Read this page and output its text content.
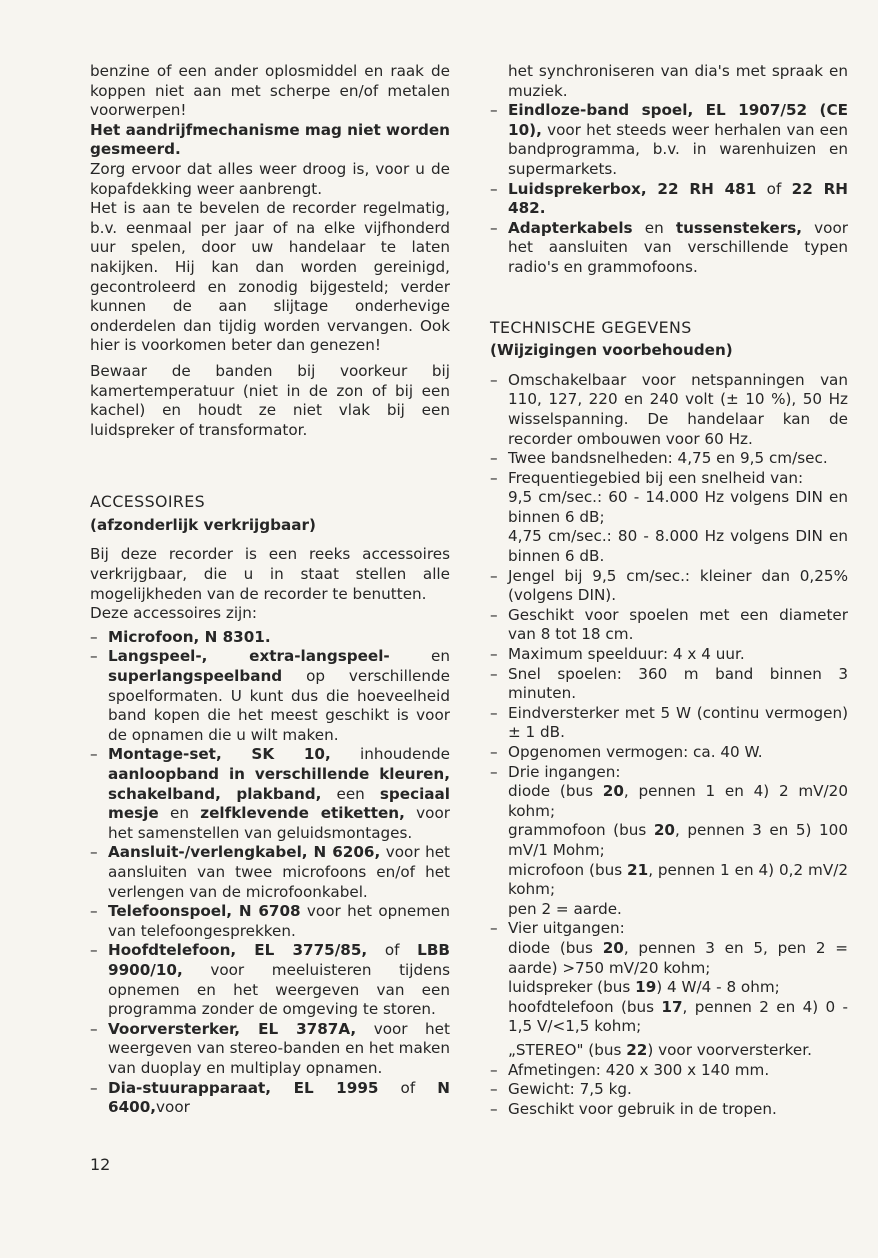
benzine of een ander oplosmiddel en raak de koppen niet aan met scherpe en/of metalen voorwerpen!

Het aandrijfmechanisme mag niet worden gesmeerd.

Zorg ervoor dat alles weer droog is, voor u de kopafdekking weer aanbrengt.

Het is aan te bevelen de recorder regelmatig, b.v. eenmaal per jaar of na elke vijfhonderd uur spelen, door uw handelaar te laten nakijken. Hij kan dan worden gereinigd, gecontroleerd en zonodig bijgesteld; verder kunnen de aan slijtage onderhevige onderdelen dan tijdig worden vervangen. Ook hier is voorkomen beter dan genezen!

Bewaar de banden bij voorkeur bij kamertemperatuur (niet in de zon of bij een kachel) en houdt ze niet vlak bij een luidspreker of transformator.

ACCESSOIRES
(afzonderlijk verkrijgbaar)

Bij deze recorder is een reeks accessoires verkrijgbaar, die u in staat stellen alle mogelijkheden van de recorder te benutten.

Deze accessoires zijn:

– Microfoon, N 8301.
– Langspeel-, extra-langspeel- en superlangspeelband op verschillende spoelformaten. U kunt dus die hoeveelheid band kopen die het meest geschikt is voor de opnamen die u wilt maken.
– Montage-set, SK 10, inhoudende aanloopband in verschillende kleuren, schakelband, plakband, een speciaal mesje en zelfklevende etiketten, voor het samenstellen van geluidsmontages.
– Aansluit-/verlengkabel, N 6206, voor het aansluiten van twee microfoons en/of het verlengen van de microfoonkabel.
– Telefoonspoel, N 6708 voor het opnemen van telefoongesprekken.
– Hoofdtelefoon, EL 3775/85, of LBB 9900/10, voor meeluisteren tijdens opnemen en het weergeven van een programma zonder de omgeving te storen.
– Voorversterker, EL 3787A, voor het weergeven van stereo-banden en het maken van duoplay en multiplay opnamen.
– Dia-stuurapparaat, EL 1995 of N 6400,voor

het synchroniseren van dia's met spraak en muziek.

– Eindloze-band spoel, EL 1907/52 (CE 10), voor het steeds weer herhalen van een bandprogramma, b.v. in warenhuizen en supermarkets.
– Luidsprekerbox, 22 RH 481 of 22 RH 482.
– Adapterkabels en tussenstekers, voor het aansluiten van verschillende typen radio's en grammofoons.
TECHNISCHE GEGEVENS
(Wijzigingen voorbehouden)
– Omschakelbaar voor netspanningen van 110, 127, 220 en 240 volt (± 10 %), 50 Hz wisselspanning. De handelaar kan de recorder ombouwen voor 60 Hz.
– Twee bandsnelheden: 4,75 en 9,5 cm/sec.
– Frequentiegebied bij een snelheid van:
9,5 cm/sec.: 60 - 14.000 Hz volgens DIN en binnen 6 dB;
4,75 cm/sec.: 80 - 8.000 Hz volgens DIN en binnen 6 dB.
– Jengel bij 9,5 cm/sec.: kleiner dan 0,25% (volgens DIN).
– Geschikt voor spoelen met een diameter van 8 tot 18 cm.
– Maximum speelduur: 4 x 4 uur.
– Snel spoelen: 360 m band binnen 3 minuten.
– Eindversterker met 5 W (continu vermogen) ± 1 dB.
– Opgenomen vermogen: ca. 40 W.
– Drie ingangen:
diode (bus 20, pennen 1 en 4) 2 mV/20 kohm;
grammofoon (bus 20, pennen 3 en 5) 100 mV/1 Mohm;
microfoon (bus 21, pennen 1 en 4) 0,2 mV/2 kohm;
pen 2 = aarde.
– Vier uitgangen:
diode (bus 20, pennen 3 en 5, pen 2 = aarde) >750 mV/20 kohm;
luidspreker (bus 19) 4 W/4 - 8 ohm;
hoofdtelefoon (bus 17, pennen 2 en 4) 0 - 1,5 V/<1,5 kohm;
„STEREO" (bus 22) voor voorversterker.
– Afmetingen: 420 x 300 x 140 mm.
– Gewicht: 7,5 kg.
– Geschikt voor gebruik in de tropen.
12
